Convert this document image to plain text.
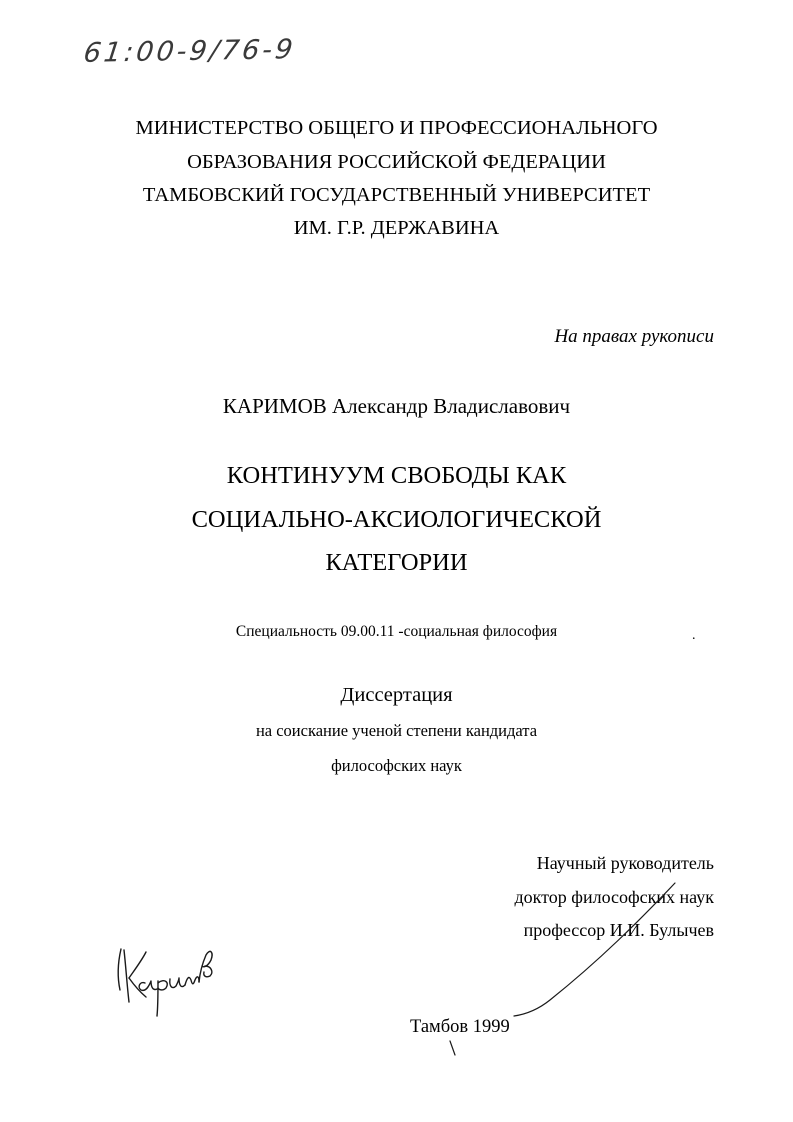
61:00-9/76-9
МИНИСТЕРСТВО ОБЩЕГО И ПРОФЕССИОНАЛЬНОГО
ОБРАЗОВАНИЯ РОССИЙСКОЙ ФЕДЕРАЦИИ
ТАМБОВСКИЙ ГОСУДАРСТВЕННЫЙ УНИВЕРСИТЕТ
ИМ. Г.Р. ДЕРЖАВИНА
На правах рукописи
КАРИМОВ Александр Владиславович
КОНТИНУУМ СВОБОДЫ КАК
СОЦИАЛЬНО-АКСИОЛОГИЧЕСКОЙ
КАТЕГОРИИ
Специальность 09.00.11 -социальная философия	.
Диссертация
на соискание ученой степени кандидата
философских наук
Научный руководитель
доктор философских наук
профессор И.И. Булычев
Тамбов 1999
